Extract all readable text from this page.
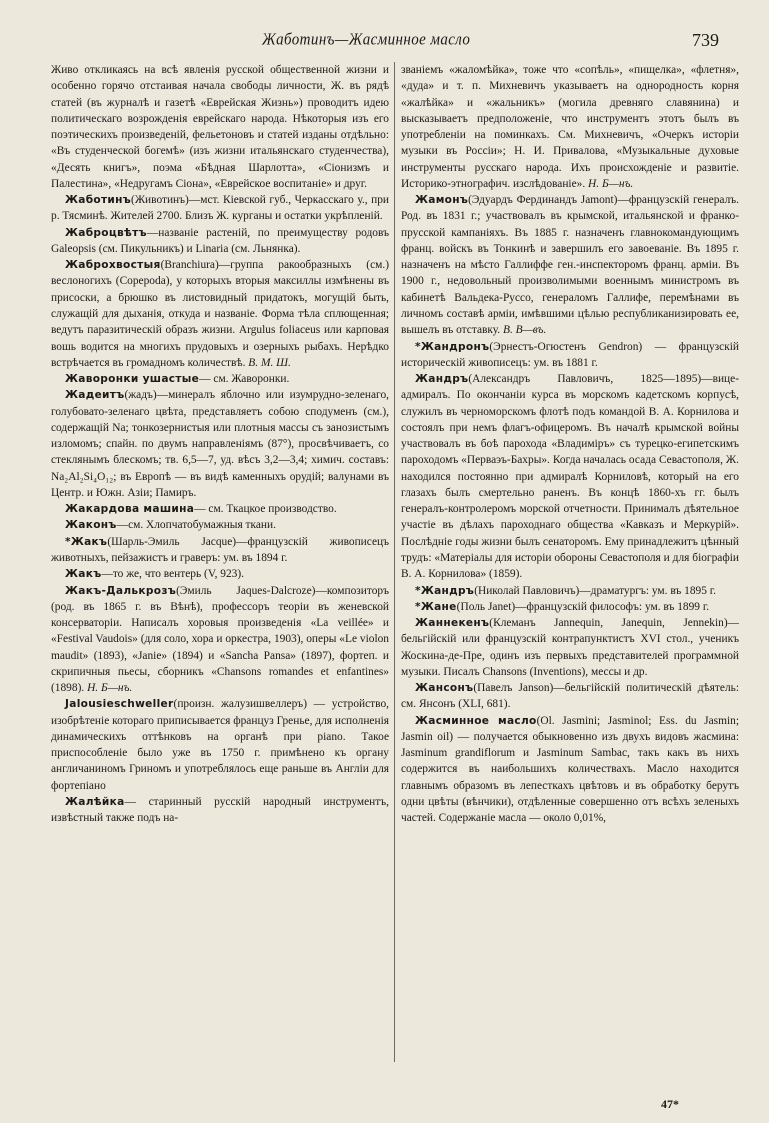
Жаботинъ—Жасминное масло	739

Живо откликаясь на всѣ явленія русской общественной жизни и особенно горячо отстаивая начала свободы личности, Ж. въ рядѣ статей (въ журналѣ и газетѣ «Еврейская Жизнь») проводитъ идею политическаго возрожденія еврейскаго народа. Нѣкоторыя изъ его поэтическихъ произведеній, фельетоновъ и статей изданы отдѣльно: «Въ студенческой богемѣ» (изъ жизни итальянскаго студенчества), «Десять книгъ», поэма «Бѣдная Шарлотта», «Сіонизмъ и Палестина», «Недругамъ Сіона», «Еврейское воспитаніе» и друг.

Жаботинъ(Животинъ)—мст. Кіевской губ., Черкасскаго у., при р. Тясминѣ. Жителей 2700. Близъ Ж. курганы и остатки укрѣпленій.

Жаброцвѣтъ—названіе растеній, по преимуществу родовъ Galeopsis (см. Пикульникъ) и Linaria (см. Льнянка).

Жаброхвостыя(Branchiura)—группа ракообразныхъ (см.) веслоногихъ (Copepoda), у которыхъ вторыя максиллы измѣнены въ присоски, а брюшко въ листовидный придатокъ, могущій быть, служащій для дыханія, откуда и названіе. Форма тѣла сплющенная; ведутъ паразитическій образъ жизни. Argulus foliaceus или карповая вошь водится на многихъ прудовыхъ и озерныхъ рыбахъ. Нерѣдко встрѣчается въ громадномъ количествѣ. В. М. Ш.

Жаворонки ушастые— см. Жаворонки.

Жадеитъ(жадъ)—минералъ яблочно или изумрудно-зеленаго, голубовато-зеленаго цвѣта, представляетъ собою сподуменъ (см.), содержащій Na; тонкозернистыя или плотныя массы съ занозистымъ изломомъ; спайн. по двумъ направленіямъ (87°), просвѣчиваетъ, со стеклянымъ блескомъ; тв. 6,5—7, уд. вѣсъ 3,2—3,4; химич. составъ: Na₂Al₂Si₄O₁₂; въ Европѣ — въ видѣ каменныхъ орудій; валунами въ Центр. и Южн. Азіи; Памиръ.

Жакардова машина— см. Ткацкое производство.

Жаконъ—см. Хлопчатобумажныя ткани.

*Жакъ(Шарль-Эмиль Jacque)—французскій живописецъ животныхъ, пейзажистъ и граверъ: ум. въ 1894 г.

Жакъ—то же, что вентерь (V, 923).

Жакъ-Далькрозъ(Эмиль Jaques-Dalcroze)—композиторъ (род. въ 1865 г. въ Вѣнѣ), профессоръ теоріи въ женевской консерваторіи. Написалъ хоровыя произведенія «La veillée» и «Festival Vaudois» (для соло, хора и оркестра, 1903), оперы «Le violon maudit» (1893), «Janie» (1894) и «Sancha Pansa» (1897), фортеп. и скрипичныя пьесы, сборникъ «Chansons romandes et enfantines» (1898). Н. Б—нъ.

Jalousieschweller(произн. жалузишвеллеръ) — устройство, изобрѣтеніе котораго приписывается француз Гренье, для исполненія динамическихъ оттѣнковъ на органѣ при piano. Такое приспособленіе было уже въ 1750 г. примѣнено къ органу англичаниномъ Гриномъ и употреблялось еще раньше въ Англіи для фортепіано

Жалѣйка— старинный русскій народный инструментъ, извѣстный также подъ на-

званіемъ «жаломѣйка», тоже что «сопѣль», «пищелка», «флетня», «дуда» и т. п. Михневичъ указываетъ на однородность корня «жалѣйка» и «жальникъ» (могила древняго славянина) и высказываетъ предположеніе, что инструментъ этотъ былъ въ употребленіи на поминкахъ. См. Михневичъ, «Очеркъ исторіи музыки въ Россіи»; Н. И. Привалова, «Музыкальные духовые инструменты русскаго народа. Ихъ происхожденіе и развитіе. Историко-этнографич. изслѣдованіе». Н. Б—нъ.

Жамонъ(Эдуардъ Фердинандъ Jamont)—французскій генералъ. Род. въ 1831 г.; участвовалъ въ крымской, итальянской и франко-прусской кампаніяхъ. Въ 1885 г. назначенъ главнокомандующимъ франц. войскъ въ Тонкинѣ и завершилъ его завоеваніе. Въ 1895 г. назначенъ на мѣсто Галлиффе ген.-инспекторомъ франц. арміи. Въ 1900 г., недовольный произволимыми военнымъ министромъ въ кабинетѣ Вальдека-Руссо, генераломъ Галлифе, перемѣнами въ личномъ составѣ арміи, имѣвшими цѣлью республиканизировать ее, вышелъ въ отставку. В. В—въ.

*Жандронъ(Эрнестъ-Огюстенъ Gendron) — французскій историческій живописецъ: ум. въ 1881 г.

Жандръ(Александръ Павловичъ, 1825—1895)—вице-адмиралъ. По окончаніи курса въ морскомъ кадетскомъ корпусѣ, служилъ въ черноморскомъ флотѣ подъ командой В. А. Корнилова и состоялъ при немъ флагъ-офицеромъ. Въ началѣ крымской войны участвовалъ въ боѣ парохода «Владиміръ» съ турецко-египетскимъ пароходомъ «Перваэъ-Бахры». Когда началась осада Севастополя, Ж. находился постоянно при адмиралѣ Корниловѣ, который на его глазахъ былъ смертельно раненъ. Въ концѣ 1860-хъ гг. былъ генералъ-контролеромъ морской отчетности. Принималъ дѣятельное участіе въ дѣлахъ пароходнаго общества «Кавказъ и Меркурій». Послѣдніе годы жизни былъ сенаторомъ. Ему принадлежитъ цѣнный трудъ: «Матеріалы для исторіи обороны Севастополя и для біографіи В. А. Корнилова» (1859).

*Жандръ(Николай Павловичъ)—драматургъ: ум. въ 1895 г.

*Жане(Поль Janet)—французскій философъ: ум. въ 1899 г.

Жаннекенъ(Клеманъ Jannequin, Janequin, Jennekin)—бельгійскій или французскій контрапунктистъ XVI стол., ученикъ Жоскина-де-Пре, одинъ изъ первыхъ представителей программной музыки. Писалъ Chansons (Inventions), мессы и др.

Жансонъ(Павелъ Janson)—бельгійскій политическій дѣятель: см. Янсонъ (XLI, 681).

Жасминное масло(Ol. Jasmini; Jasminol; Ess. du Jasmin; Jasmin oil) — получается обыкновенно изъ двухъ видовъ жасмина: Jasminum grandiflorum и Jasminum Sambac, такъ какъ въ нихъ содержится въ наибольшихъ количествахъ. Масло находится главнымъ образомъ въ лепесткахъ цвѣтовъ и въ обработку берутъ одни цвѣты (вѣнчики), отдѣленные совершенно отъ всѣхъ зеленыхъ частей. Содержаніе масла — около 0,01%,

47*
